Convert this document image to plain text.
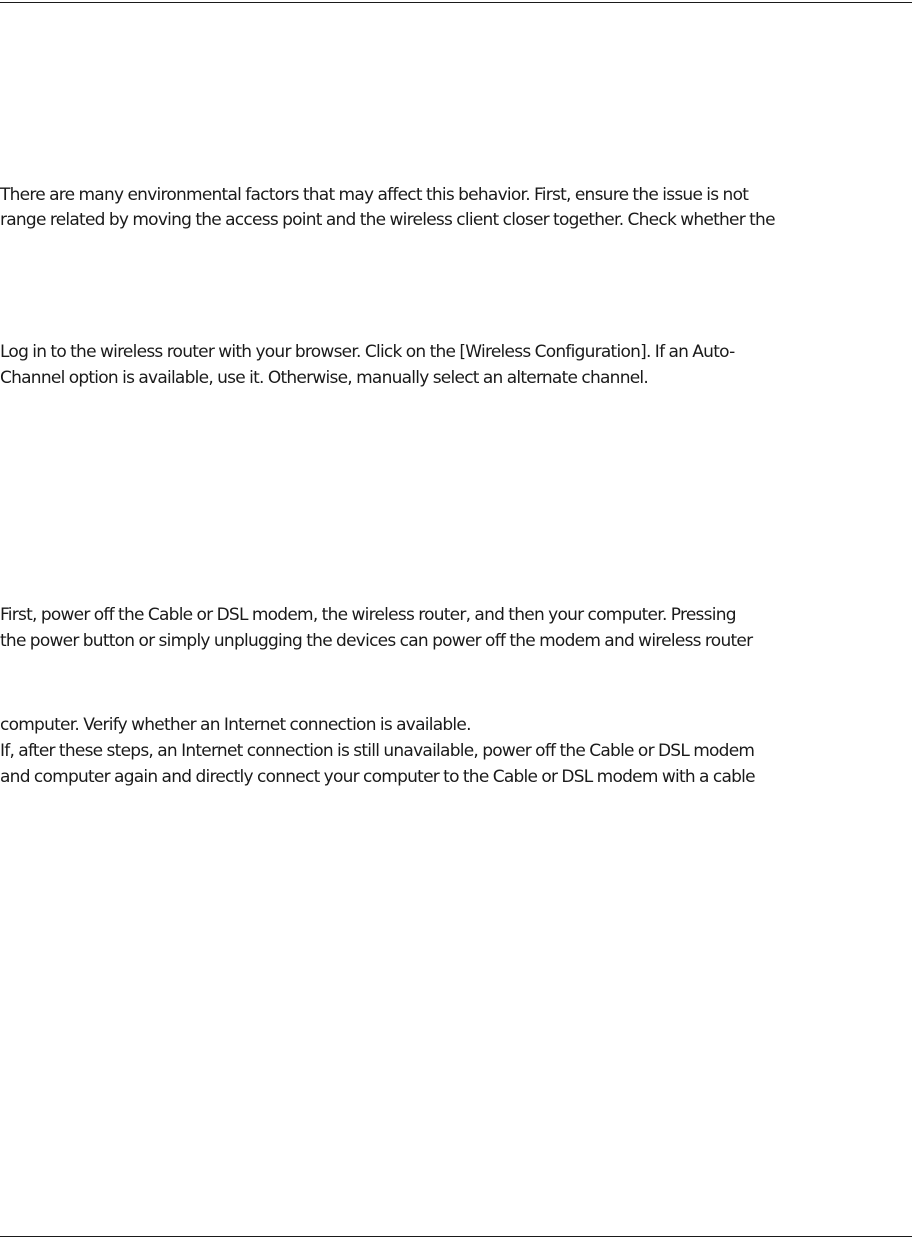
There are many environmental factors that may affect this behavior. First, ensure the issue is not
range related by moving the access point and the wireless client closer together. Check whether the
Log in to the wireless router with your browser. Click on the [Wireless Configuration]. If an Auto-
Channel option is available, use it. Otherwise, manually select an alternate channel.
First, power off the Cable or DSL modem, the wireless router, and then your computer. Pressing
the power button or simply unplugging the devices can power off the modem and wireless router
computer. Verify whether an Internet connection is available.
If, after these steps, an Internet connection is still unavailable, power off the Cable or DSL modem
and computer again and directly connect your computer to the Cable or DSL modem with a cable
